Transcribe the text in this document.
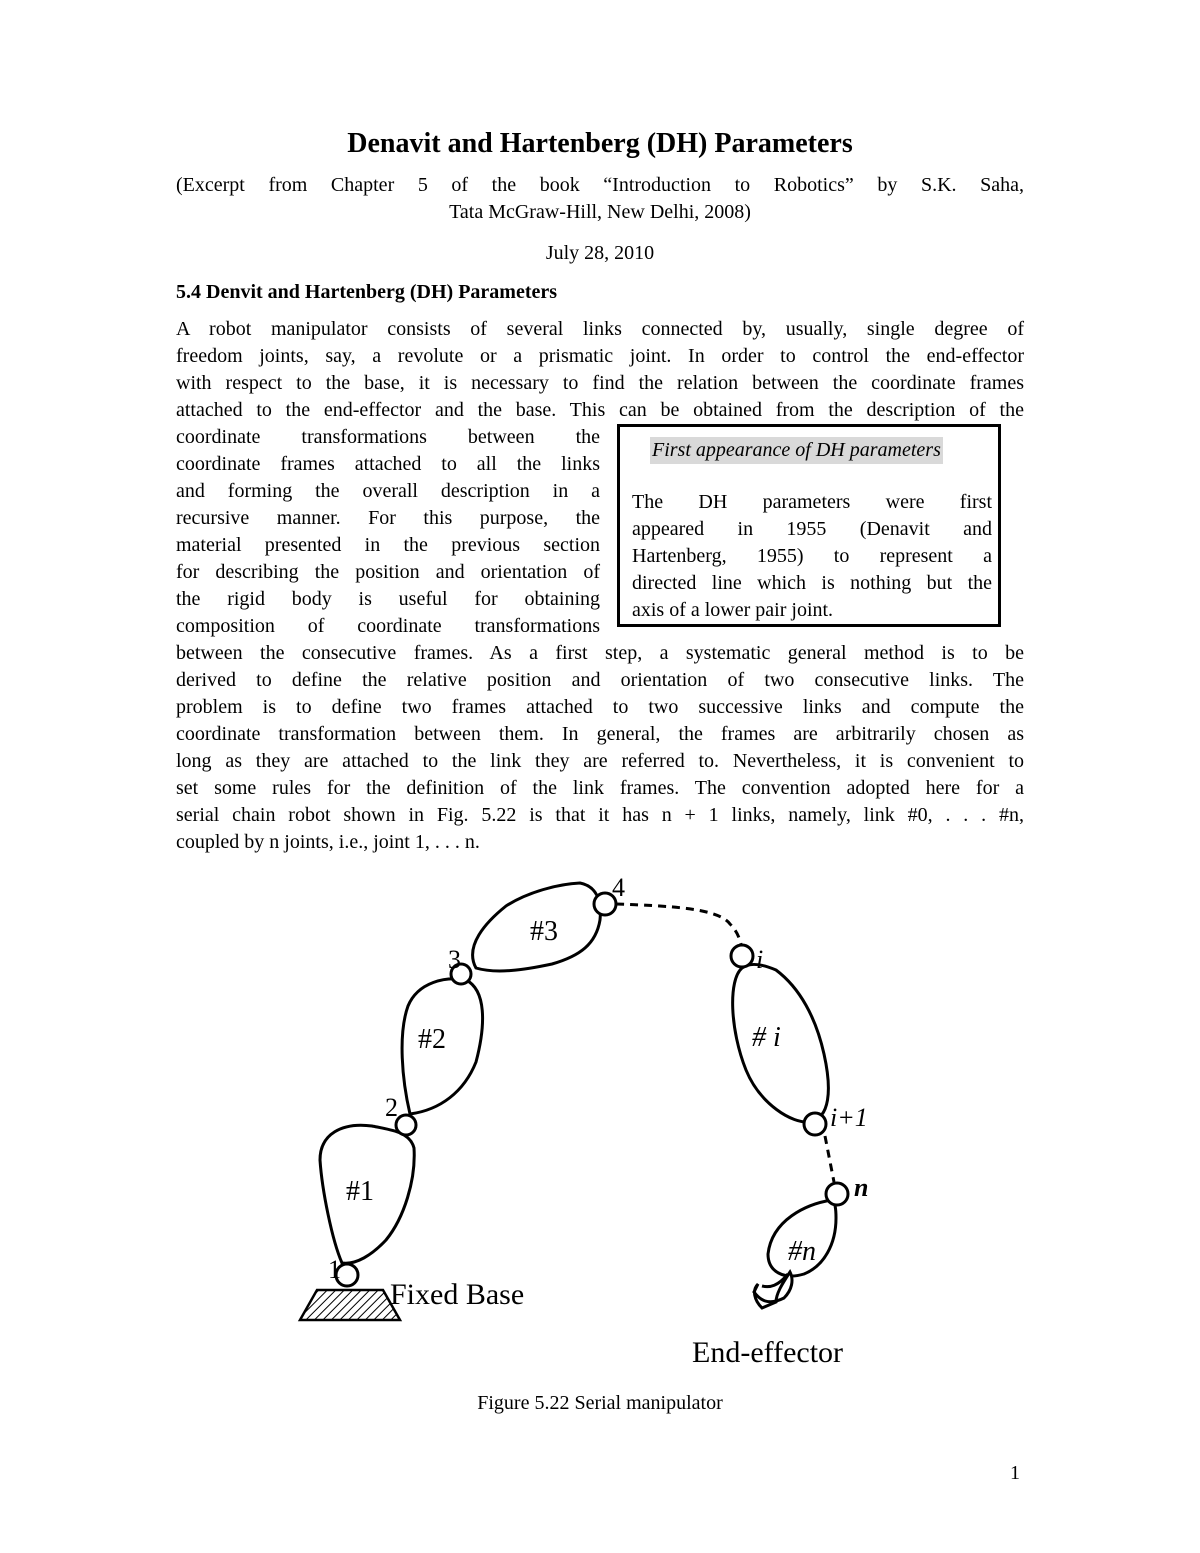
Denavit and Hartenberg (DH) Parameters
(Excerpt from Chapter 5 of the book “Introduction to Robotics” by S.K. Saha,
Tata McGraw-Hill, New Delhi, 2008)
July 28, 2010
5.4 Denvit and Hartenberg (DH) Parameters
A robot manipulator consists of several links connected by, usually, single degree of
freedom joints, say, a revolute or a prismatic joint. In order to control the end-effector
with respect to the base, it is necessary to find the relation between the coordinate frames
attached to the end-effector and the base. This can be obtained from the description of the
coordinate transformations between the
coordinate frames attached to all the links
and forming the overall description in a
recursive manner. For this purpose, the
material presented in the previous section
for describing the position and orientation of
the rigid body is useful for obtaining
composition of coordinate transformations
First appearance of DH parameters
The DH parameters were first
appeared in 1955 (Denavit and
Hartenberg, 1955) to represent a
directed line which is nothing but the
axis of a lower pair joint.
between the consecutive frames. As a first step, a systematic general method is to be
derived to define the relative position and orientation of two consecutive links. The
problem is to define two frames attached to two successive links and compute the
coordinate transformation between them. In general, the frames are arbitrarily chosen as
long as they are attached to the link they are referred to. Nevertheless, it is convenient to
set some rules for the definition of the link frames. The convention adopted here for a
serial chain robot shown in Fig. 5.22 is that it has n + 1 links, namely, link #0, . . . #n,
coupled by n joints, i.e., joint 1, . . . n.
1
2
3
4
i
i+1
n
#1
#2
#3
# i
#n
Fixed Base
End-effector
Figure 5.22 Serial manipulator
1
